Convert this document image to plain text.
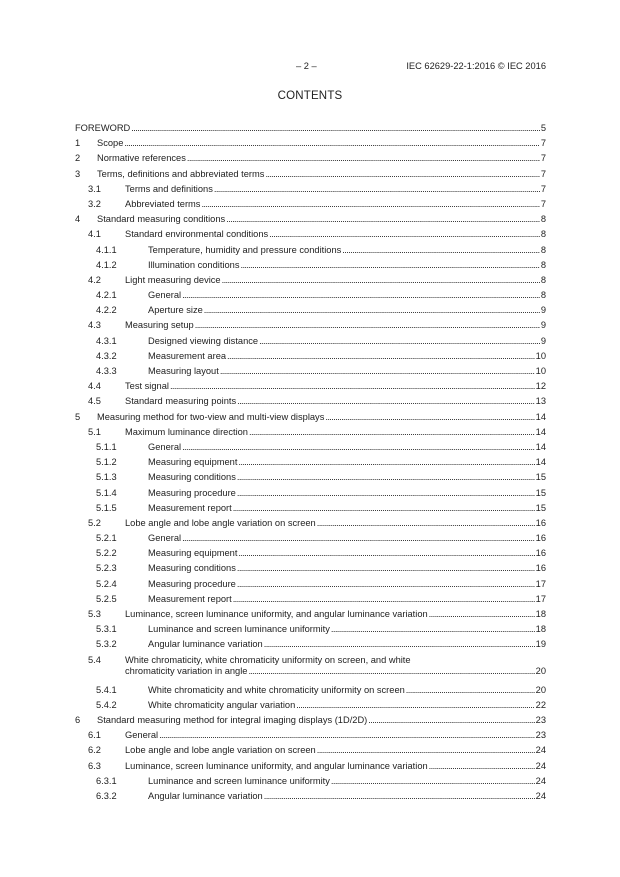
– 2 –	IEC 62629-22-1:2016 © IEC 2016
CONTENTS
FOREWORD . . .	5
1 Scope . . .	7
2 Normative references . . .	7
3 Terms, definitions and abbreviated terms . . .	7
3.1	Terms and definitions . . .	7
3.2	Abbreviated terms . . .	7
4 Standard measuring conditions . . .	8
4.1	Standard environmental conditions . . .	8
4.1.1	Temperature, humidity and pressure conditions . . .	8
4.1.2	Illumination conditions . . .	8
4.2	Light measuring device . . .	8
4.2.1	General . . .	8
4.2.2	Aperture size . . .	9
4.3	Measuring setup . . .	9
4.3.1	Designed viewing distance . . .	9
4.3.2	Measurement area . . .	10
4.3.3	Measuring layout . . .	10
4.4	Test signal . . .	12
4.5	Standard measuring points . . .	13
5 Measuring method for two-view and multi-view displays . . .	14
5.1	Maximum luminance direction . . .	14
5.1.1	General . . .	14
5.1.2	Measuring equipment . . .	14
5.1.3	Measuring conditions . . .	15
5.1.4	Measuring procedure . . .	15
5.1.5	Measurement report . . .	15
5.2	Lobe angle and lobe angle variation on screen . . .	16
5.2.1	General . . .	16
5.2.2	Measuring equipment . . .	16
5.2.3	Measuring conditions . . .	16
5.2.4	Measuring procedure . . .	17
5.2.5	Measurement report . . .	17
5.3	Luminance, screen luminance uniformity, and angular luminance variation . . .	18
5.3.1	Luminance and screen luminance uniformity . . .	18
5.3.2	Angular luminance variation . . .	19
5.4	White chromaticity, white chromaticity uniformity on screen, and white
chromaticity variation in angle . . .	20
5.4.1	White chromaticity and white chromaticity uniformity on screen . . .	20
5.4.2	White chromaticity angular variation . . .	22
6 Standard measuring method for integral imaging displays (1D/2D) . . .	23
6.1	General . . .	23
6.2	Lobe angle and lobe angle variation on screen . . .	24
6.3	Luminance, screen luminance uniformity, and angular luminance variation . . .	24
6.3.1	Luminance and screen luminance uniformity . . .	24
6.3.2	Angular luminance variation . . .	24
